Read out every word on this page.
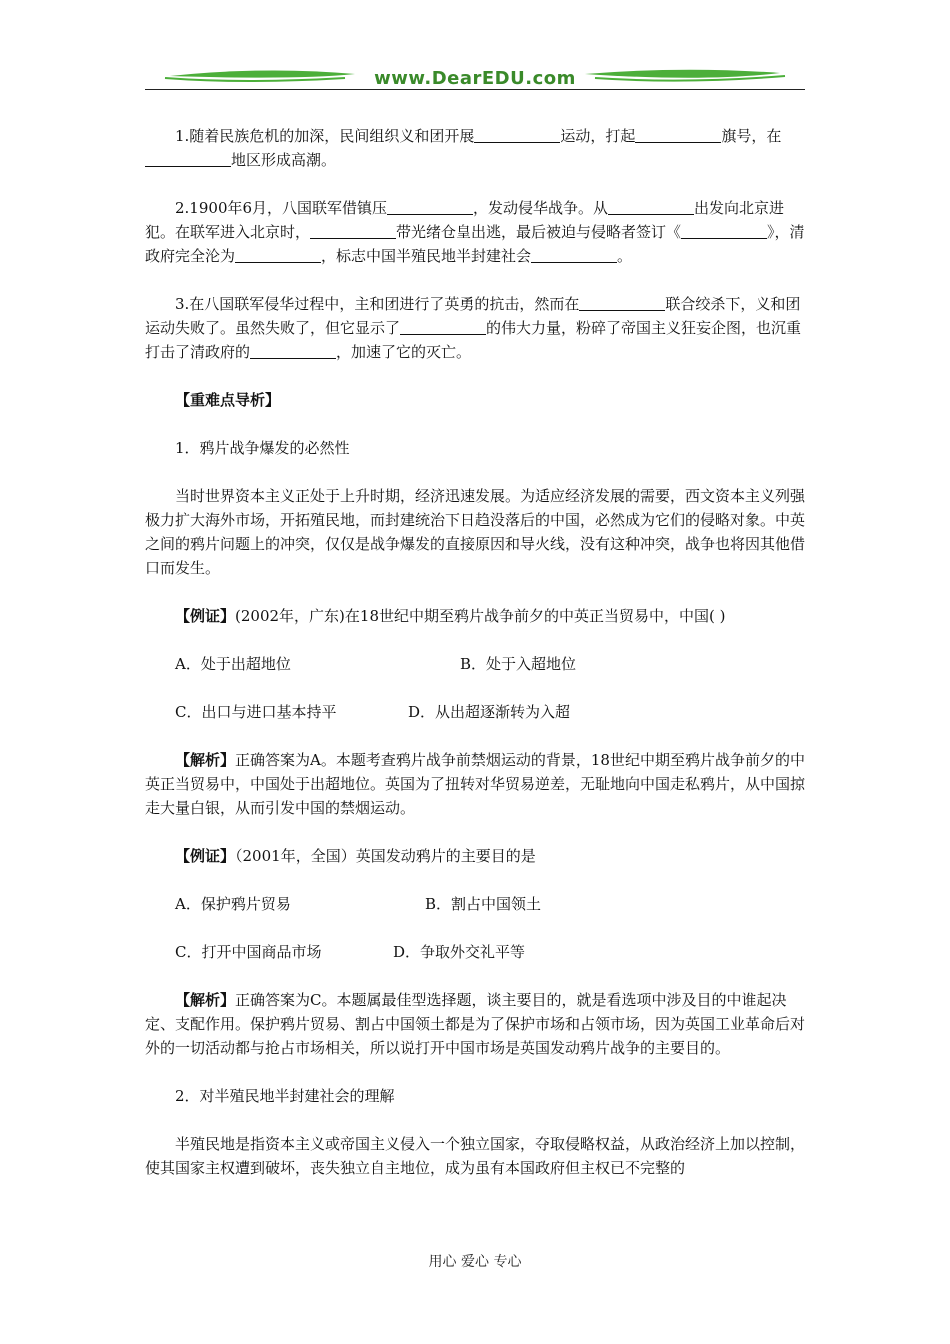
www.DearEDU.com

1.随着民族危机的加深，民间组织义和团开展	运动，打起	旗号，在地区形成高潮。

2.1900年6月，八国联军借镇压	，发动侵华战争。从	出发向北京进犯。在联军进入北京时，	带光绪仓皇出逃，最后被迫与侵略者签订《	》，清政府完全沦为	，标志中国半殖民地半封建社会	。

3.在八国联军侵华过程中，主和团进行了英勇的抗击，然而在	联合绞杀下，义和团运动失败了。虽然失败了，但它显示了	的伟大力量，粉碎了帝国主义狂妄企图，也沉重打击了清政府的	，加速了它的灭亡。

【重难点导析】

1．鸦片战争爆发的必然性

当时世界资本主义正处于上升时期，经济迅速发展。为适应经济发展的需要，西文资本主义列强极力扩大海外市场，开拓殖民地，而封建统治下日趋没落后的中国，必然成为它们的侵略对象。中英之间的鸦片问题上的冲突，仅仅是战争爆发的直接原因和导火线，没有这种冲突，战争也将因其他借口而发生。

【例证】(2002年，广东)在18世纪中期至鸦片战争前夕的中英正当贸易中，中国( )

A．处于出超地位	B．处于入超地位
C．出口与进口基本持平	D．从出超逐渐转为入超

【解析】正确答案为A。本题考查鸦片战争前禁烟运动的背景，18世纪中期至鸦片战争前夕的中英正当贸易中，中国处于出超地位。英国为了扭转对华贸易逆差，无耻地向中国走私鸦片，从中国掠走大量白银，从而引发中国的禁烟运动。

【例证】（2001年，全国）英国发动鸦片的主要目的是

A．保护鸦片贸易	B．割占中国领土
C．打开中国商品市场	D．争取外交礼平等

【解析】正确答案为C。本题属最佳型选择题，谈主要目的，就是看选项中涉及目的中谁起决定、支配作用。保护鸦片贸易、割占中国领土都是为了保护市场和占领市场，因为英国工业革命后对外的一切活动都与抢占市场相关，所以说打开中国市场是英国发动鸦片战争的主要目的。

2．对半殖民地半封建社会的理解

半殖民地是指资本主义或帝国主义侵入一个独立国家，夺取侵略权益，从政治经济上加以控制，使其国家主权遭到破坏，丧失独立自主地位，成为虽有本国政府但主权已不完整的

用心 爱心 专心
